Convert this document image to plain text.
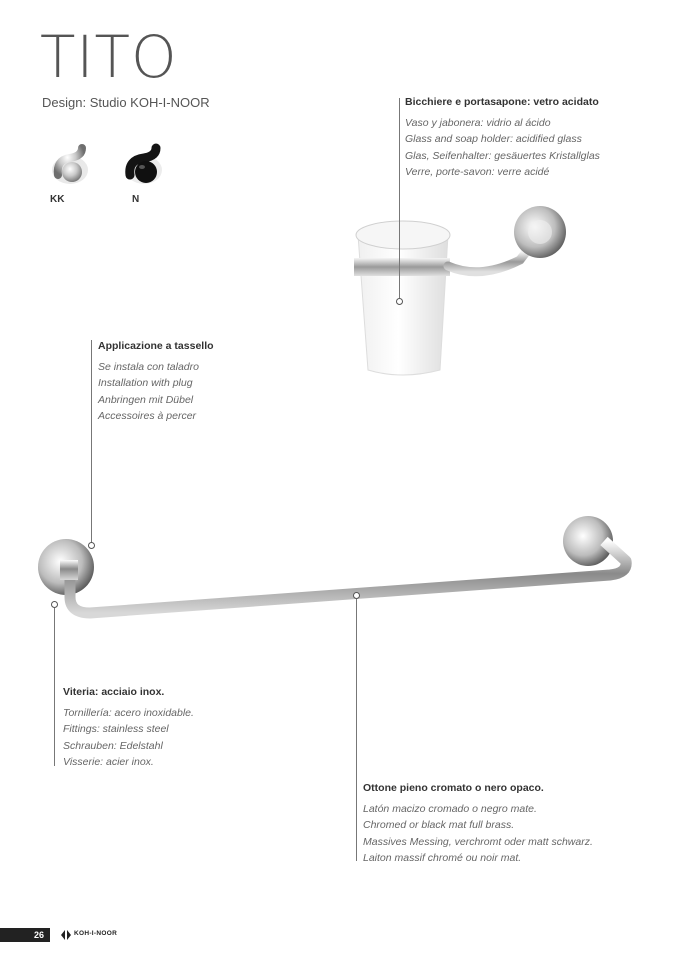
TITO
Design: Studio KOH-I-NOOR
KK	N
Bicchiere e portasapone: vetro acidato
Vaso y jabonera: vidrio al ácido
Glass and soap holder: acidified glass
Glas, Seifenhalter: gesäuertes Kristallglas
Verre, porte-savon: verre acidé
Applicazione a tassello
Se instala con taladro
Installation with plug
Anbringen mit Dübel
Accessoires à percer
Viteria: acciaio inox.
Tornillería: acero inoxidable.
Fittings: stainless steel
Schrauben: Edelstahl
Visserie: acier inox.
Ottone pieno cromato o nero opaco.
Latón macizo cromado o negro mate.
Chromed or black mat full brass.
Massives Messing, verchromt oder matt schwarz.
Laiton massif chromé ou noir mat.
26	KOH-I-NOOR
